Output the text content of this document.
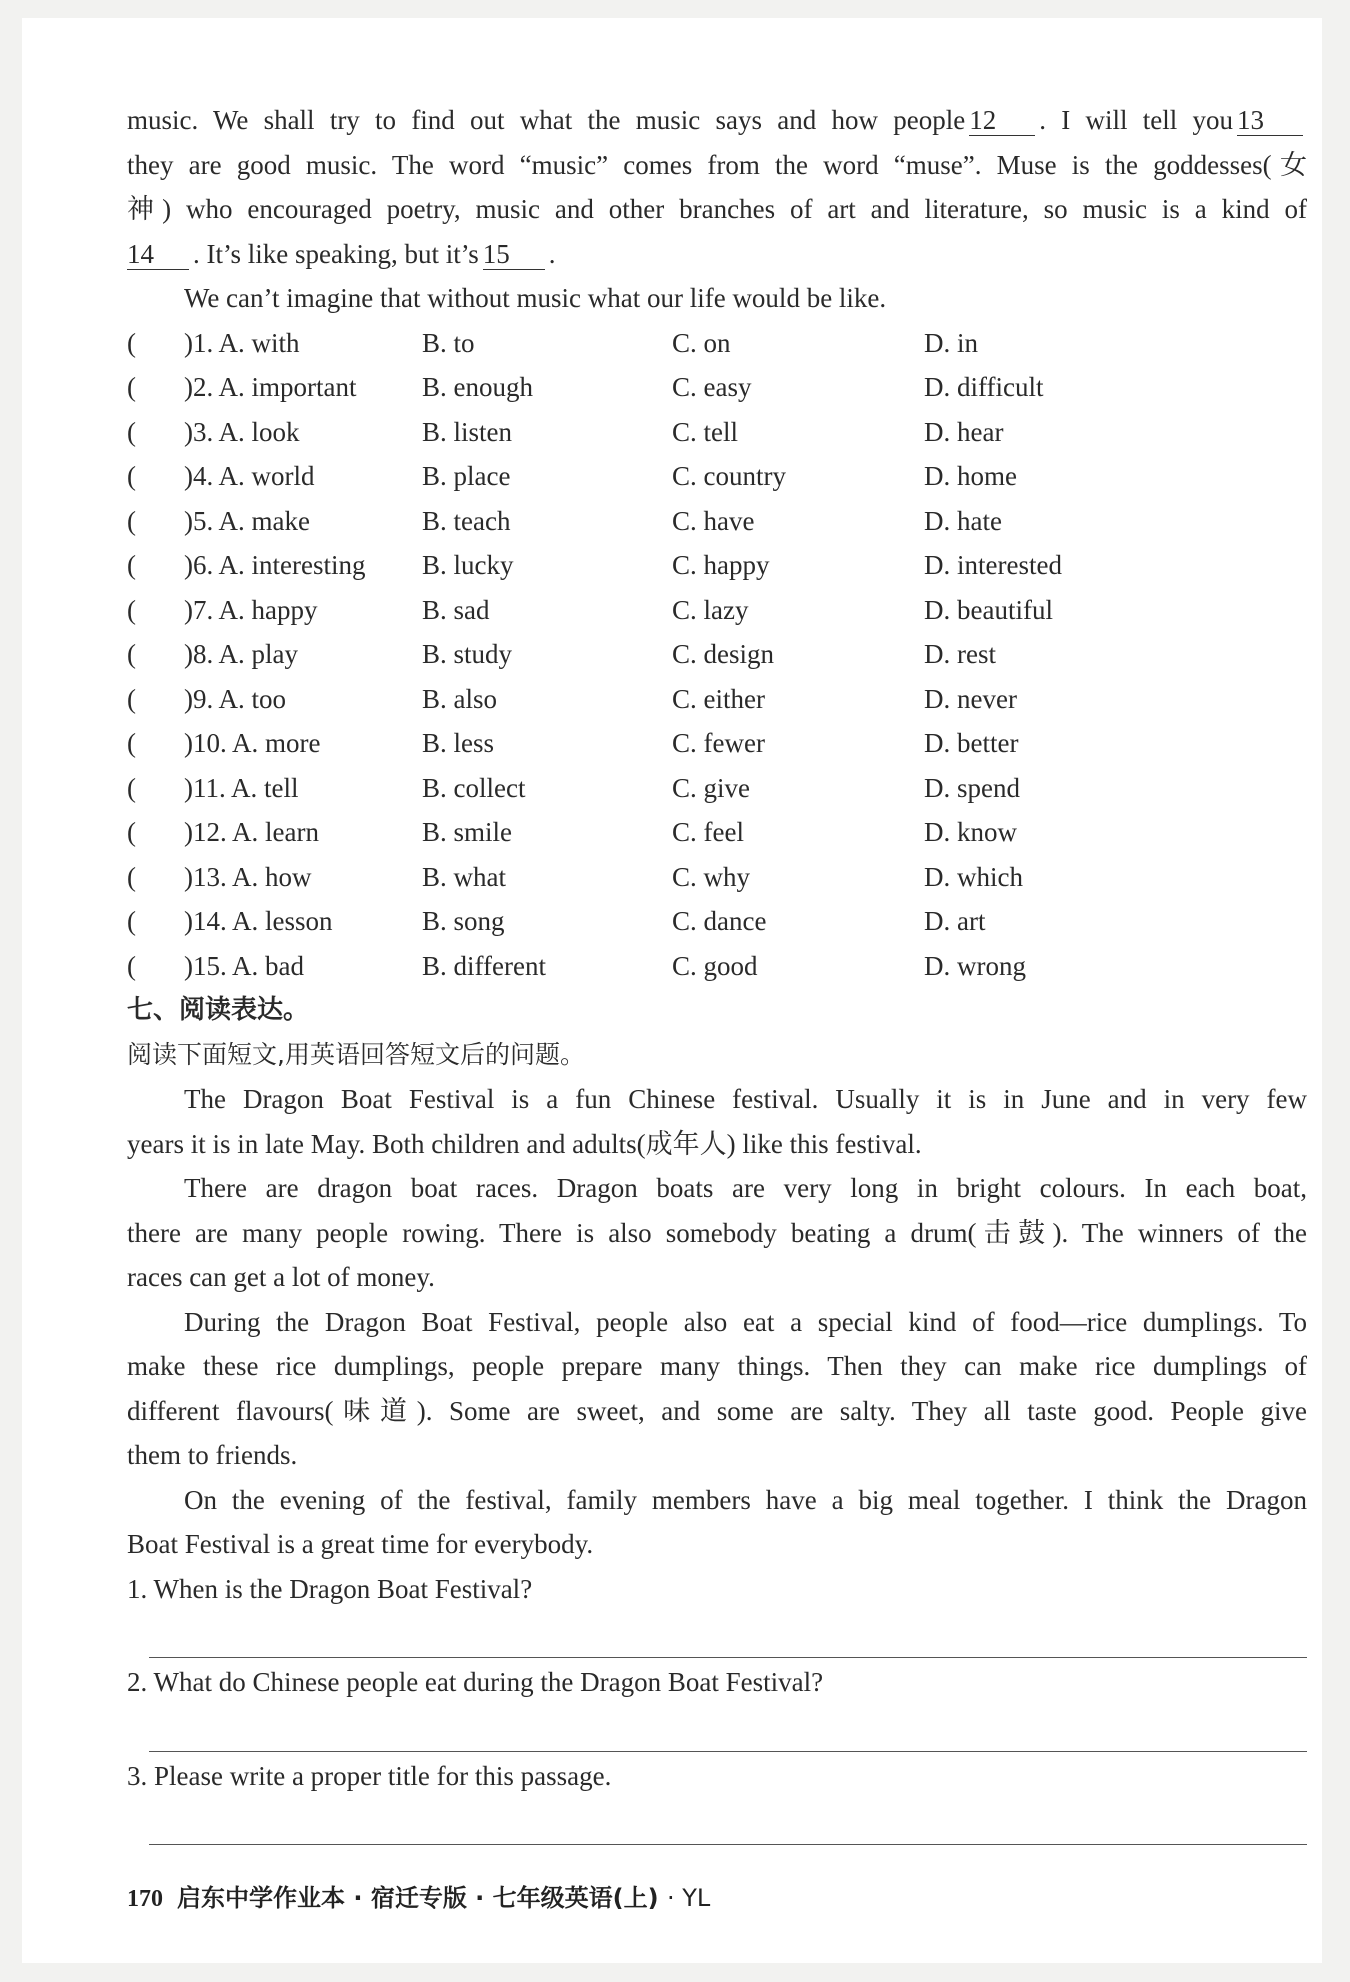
music. We shall try to find out what the music says and how people 12 . I will tell you 13

they are good music. The word “music” comes from the word “muse”. Muse is the goddesses(女

神) who encouraged poetry, music and other branches of art and literature, so music is a kind of

14 . It’s like speaking, but it’s 15 .

We can’t imagine that without music what our life would be like.

(	)1. A. with	B. to	C. on	D. in
(	)2. A. important	B. enough	C. easy	D. difficult
(	)3. A. look	B. listen	C. tell	D. hear
(	)4. A. world	B. place	C. country	D. home
(	)5. A. make	B. teach	C. have	D. hate
(	)6. A. interesting	B. lucky	C. happy	D. interested
(	)7. A. happy	B. sad	C. lazy	D. beautiful
(	)8. A. play	B. study	C. design	D. rest
(	)9. A. too	B. also	C. either	D. never
(	)10. A. more	B. less	C. fewer	D. better
(	)11. A. tell	B. collect	C. give	D. spend
(	)12. A. learn	B. smile	C. feel	D. know
(	)13. A. how	B. what	C. why	D. which
(	)14. A. lesson	B. song	C. dance	D. art
(	)15. A. bad	B. different	C. good	D. wrong

七、阅读表达。

阅读下面短文,用英语回答短文后的问题。

The Dragon Boat Festival is a fun Chinese festival. Usually it is in June and in very few

years it is in late May. Both children and adults(成年人) like this festival.

There are dragon boat races. Dragon boats are very long in bright colours. In each boat,

there are many people rowing. There is also somebody beating a drum(击鼓). The winners of the

races can get a lot of money.

During the Dragon Boat Festival, people also eat a special kind of food—rice dumplings. To

make these rice dumplings, people prepare many things. Then they can make rice dumplings of

different flavours(味道). Some are sweet, and some are salty. They all taste good. People give

them to friends.

On the evening of the festival, family members have a big meal together. I think the Dragon

Boat Festival is a great time for everybody.

1. When is the Dragon Boat Festival?

2. What do Chinese people eat during the Dragon Boat Festival?

3. Please write a proper title for this passage.

170 启东中学作业本 · 宿迁专版 · 七年级英语(上) · YL
